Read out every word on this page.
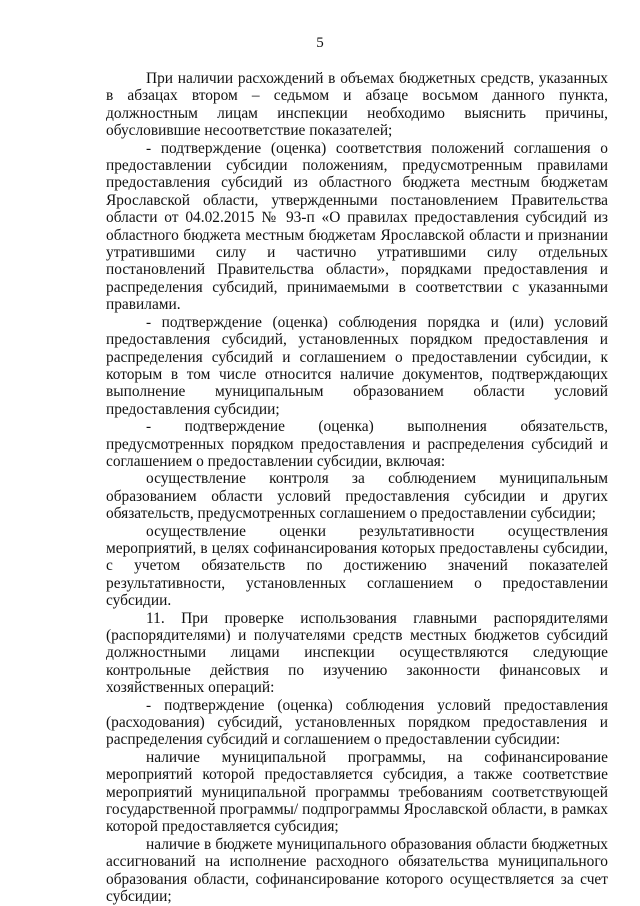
5

При наличии расхождений в объемах бюджетных средств, указанных в абзацах втором – седьмом и абзаце восьмом данного пункта, должностным лицам инспекции необходимо выяснить причины, обусловившие несоответствие показателей;

- подтверждение (оценка) соответствия положений соглашения о предоставлении субсидии положениям, предусмотренным правилами предоставления субсидий из областного бюджета местным бюджетам Ярославской области, утвержденными постановлением Правительства области от 04.02.2015 № 93-п «О правилах предоставления субсидий из областного бюджета местным бюджетам Ярославской области и признании утратившими силу и частично утратившими силу отдельных постановлений Правительства области», порядками предоставления и распределения субсидий, принимаемыми в соответствии с указанными правилами.

- подтверждение (оценка) соблюдения порядка и (или) условий предоставления субсидий, установленных порядком предоставления и распределения субсидий и соглашением о предоставлении субсидии, к которым в том числе относится наличие документов, подтверждающих выполнение муниципальным образованием области условий предоставления субсидии;

- подтверждение (оценка) выполнения обязательств, предусмотренных порядком предоставления и распределения субсидий и соглашением о предоставлении субсидии, включая:

осуществление контроля за соблюдением муниципальным образованием области условий предоставления субсидии и других обязательств, предусмотренных соглашением о предоставлении субсидии;

осуществление оценки результативности осуществления мероприятий, в целях софинансирования которых предоставлены субсидии, с учетом обязательств по достижению значений показателей результативности, установленных соглашением о предоставлении субсидии.

11. При проверке использования главными распорядителями (распорядителями) и получателями средств местных бюджетов субсидий должностными лицами инспекции осуществляются следующие контрольные действия по изучению законности финансовых и хозяйственных операций:

- подтверждение (оценка) соблюдения условий предоставления (расходования) субсидий, установленных порядком предоставления и распределения субсидий и соглашением о предоставлении субсидии:

наличие муниципальной программы, на софинансирование мероприятий которой предоставляется субсидия, а также соответствие мероприятий муниципальной программы требованиям соответствующей государственной программы/ подпрограммы Ярославской области, в рамках которой предоставляется субсидия;

наличие в бюджете муниципального образования области бюджетных ассигнований на исполнение расходного обязательства муниципального образования области, софинансирование которого осуществляется за счет субсидии;
